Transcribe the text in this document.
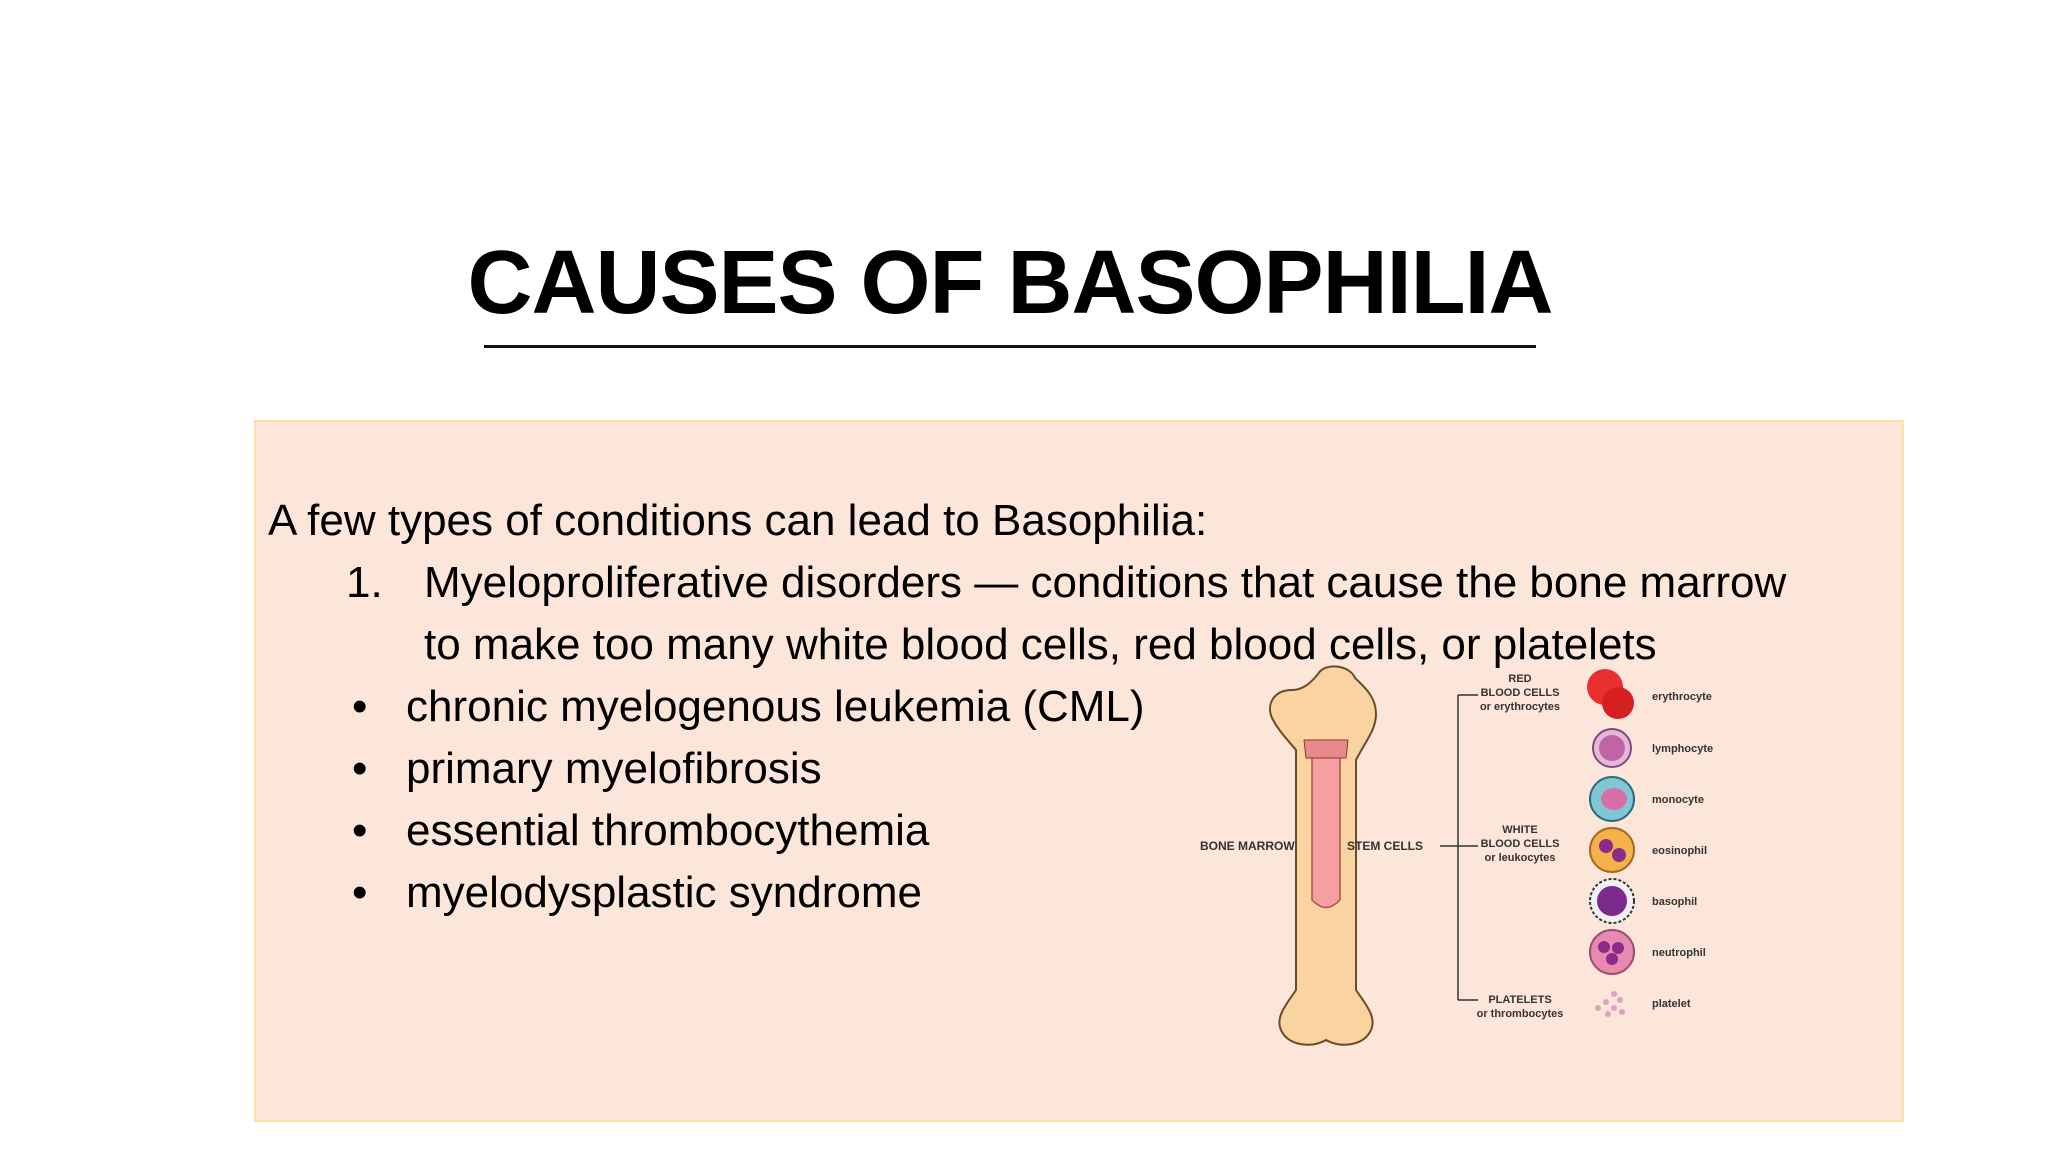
CAUSES OF BASOPHILIA

A few types of conditions can lead to Basophilia:

1. Myeloproliferative disorders — conditions that cause the bone marrow to make too many white blood cells, red blood cells, or platelets

• chronic myelogenous leukemia (CML)

• primary myelofibrosis

• essential thrombocythemia

• myelodysplastic syndrome

BONE MARROW	STEM CELLS
RED
BLOOD CELLS
or erythrocytes
WHITE
BLOOD CELLS
or leukocytes
PLATELETS
or thrombocytes
erythrocyte
lymphocyte
monocyte
eosinophil
basophil
neutrophil
platelet
